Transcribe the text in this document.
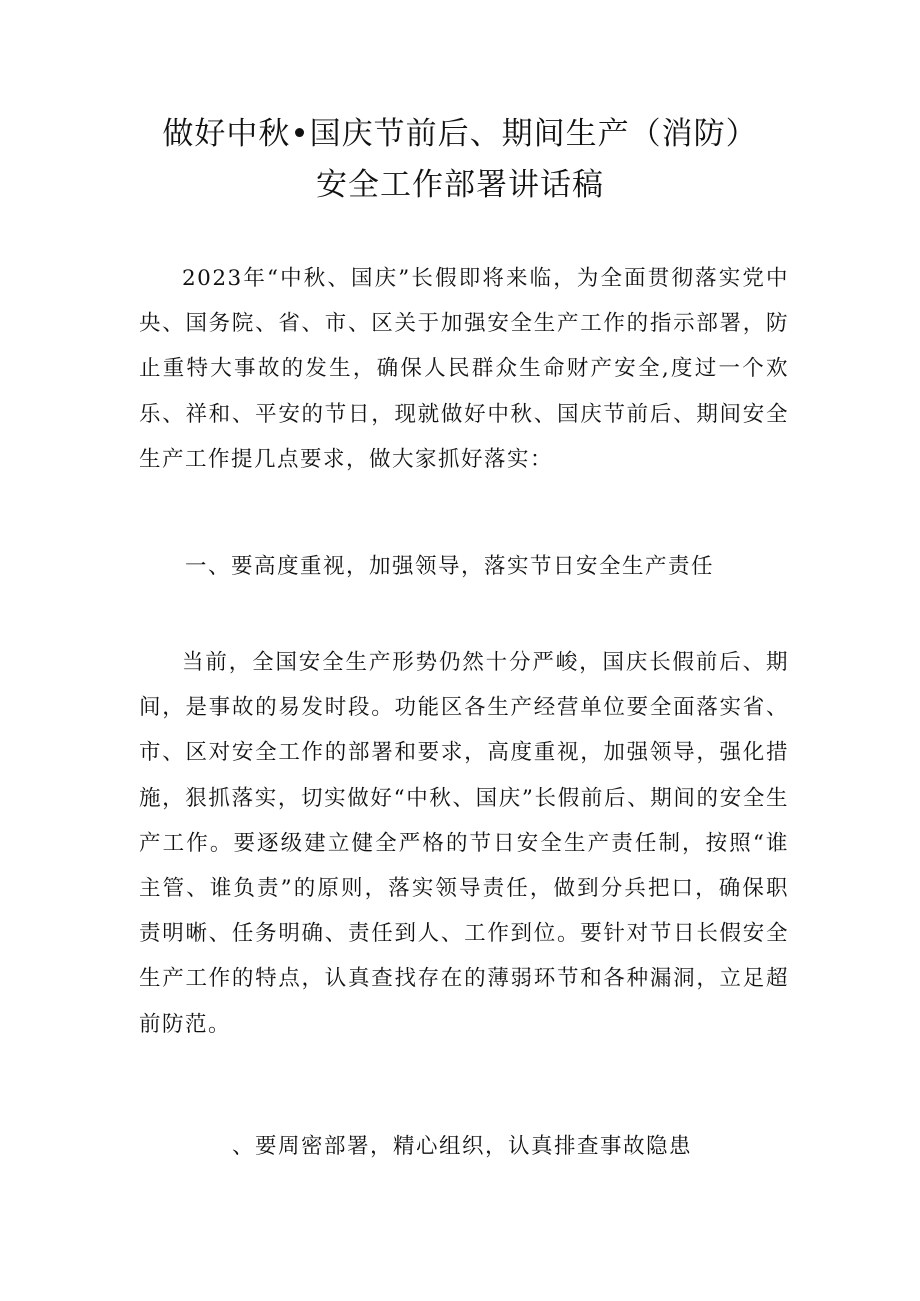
做好中秋•国庆节前后、期间生产（消防）
安全工作部署讲话稿

2023年“中秋、国庆”长假即将来临，为全面贯彻落实党中央、国务院、省、市、区关于加强安全生产工作的指示部署，防止重特大事故的发生，确保人民群众生命财产安全,度过一个欢乐、祥和、平安的节日，现就做好中秋、国庆节前后、期间安全生产工作提几点要求，做大家抓好落实：

一、要高度重视，加强领导，落实节日安全生产责任

当前，全国安全生产形势仍然十分严峻，国庆长假前后、期间，是事故的易发时段。功能区各生产经营单位要全面落实省、市、区对安全工作的部署和要求，高度重视，加强领导，强化措施，狠抓落实，切实做好“中秋、国庆”长假前后、期间的安全生产工作。要逐级建立健全严格的节日安全生产责任制，按照“谁主管、谁负责”的原则，落实领导责任，做到分兵把口，确保职责明晰、任务明确、责任到人、工作到位。要针对节日长假安全生产工作的特点，认真查找存在的薄弱环节和各种漏洞，立足超前防范。

、要周密部署，精心组织，认真排查事故隐患
